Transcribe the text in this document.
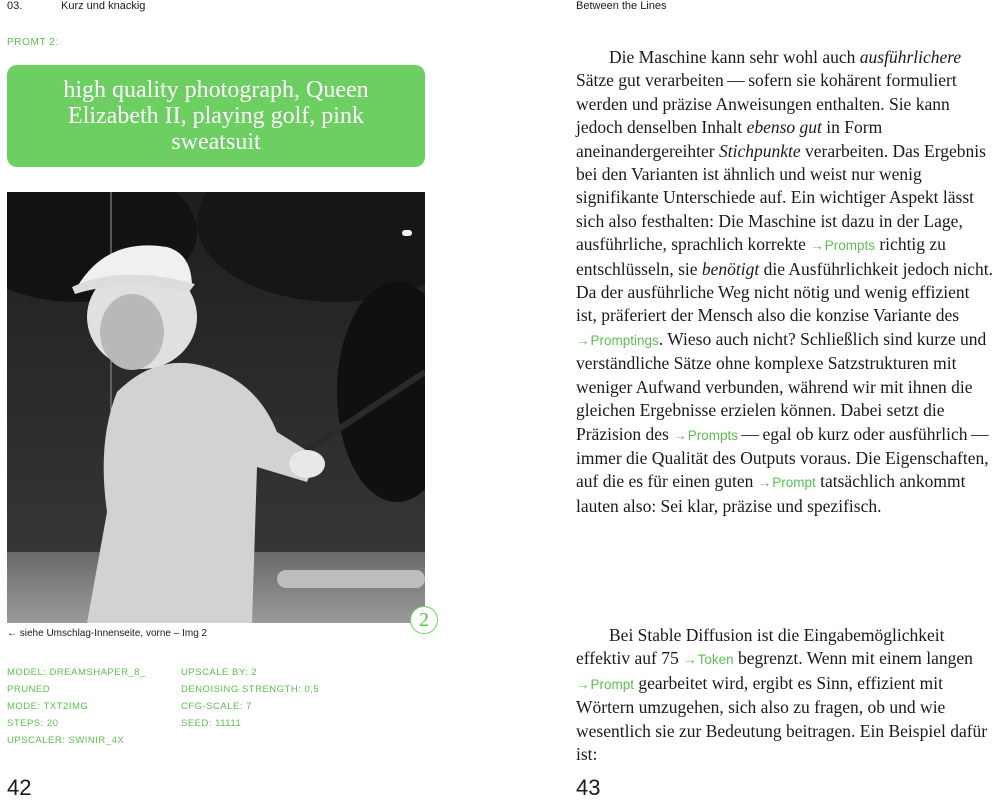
03.	Kurz und knackig	Between the Lines
PROMT 2:
high quality photograph, Queen Elizabeth II, playing golf, pink sweatsuit
2
← siehe Umschlag-Innenseite, vorne – Img 2
MODEL: DREAMSHAPER_8_
PRUNED
MODE: TXT2IMG
STEPS: 20
UPSCALER: SWINIR_4X
UPSCALE BY: 2
DENOISING STRENGTH: 0,5
CFG-SCALE: 7
SEED: 11111
42

Die Maschine kann sehr wohl auch ausführlichere Sätze gut verarbeiten — sofern sie kohärent formuliert werden und präzise Anweisungen enthalten. Sie kann jedoch denselben Inhalt ebenso gut in Form aneinandergereihter Stichpunkte verarbeiten. Das Ergebnis bei den Varianten ist ähnlich und weist nur wenig signifikante Unterschiede auf. Ein wichtiger Aspekt lässt sich also festhalten: Die Maschine ist dazu in der Lage, ausführliche, sprachlich korrekte →Prompts richtig zu entschlüsseln, sie benötigt die Ausführlichkeit jedoch nicht. Da der ausführliche Weg nicht nötig und wenig effizient ist, präferiert der Mensch also die konzise Variante des →Promptings. Wieso auch nicht? Schließlich sind kurze und verständliche Sätze ohne komplexe Satzstrukturen mit weniger Aufwand verbunden, während wir mit ihnen die gleichen Ergebnisse erzielen können. Dabei setzt die Präzision des →Prompts — egal ob kurz oder ausführlich — immer die Qualität des Outputs voraus. Die Eigenschaften, auf die es für einen guten →Prompt tatsächlich ankommt lauten also: Sei klar, präzise und spezifisch.

Bei Stable Diffusion ist die Eingabemöglichkeit effektiv auf 75 →Token begrenzt. Wenn mit einem langen →Prompt gearbeitet wird, ergibt es Sinn, effizient mit Wörtern umzugehen, sich also zu fragen, ob und wie wesentlich sie zur Bedeutung beitragen. Ein Beispiel dafür ist:

43
